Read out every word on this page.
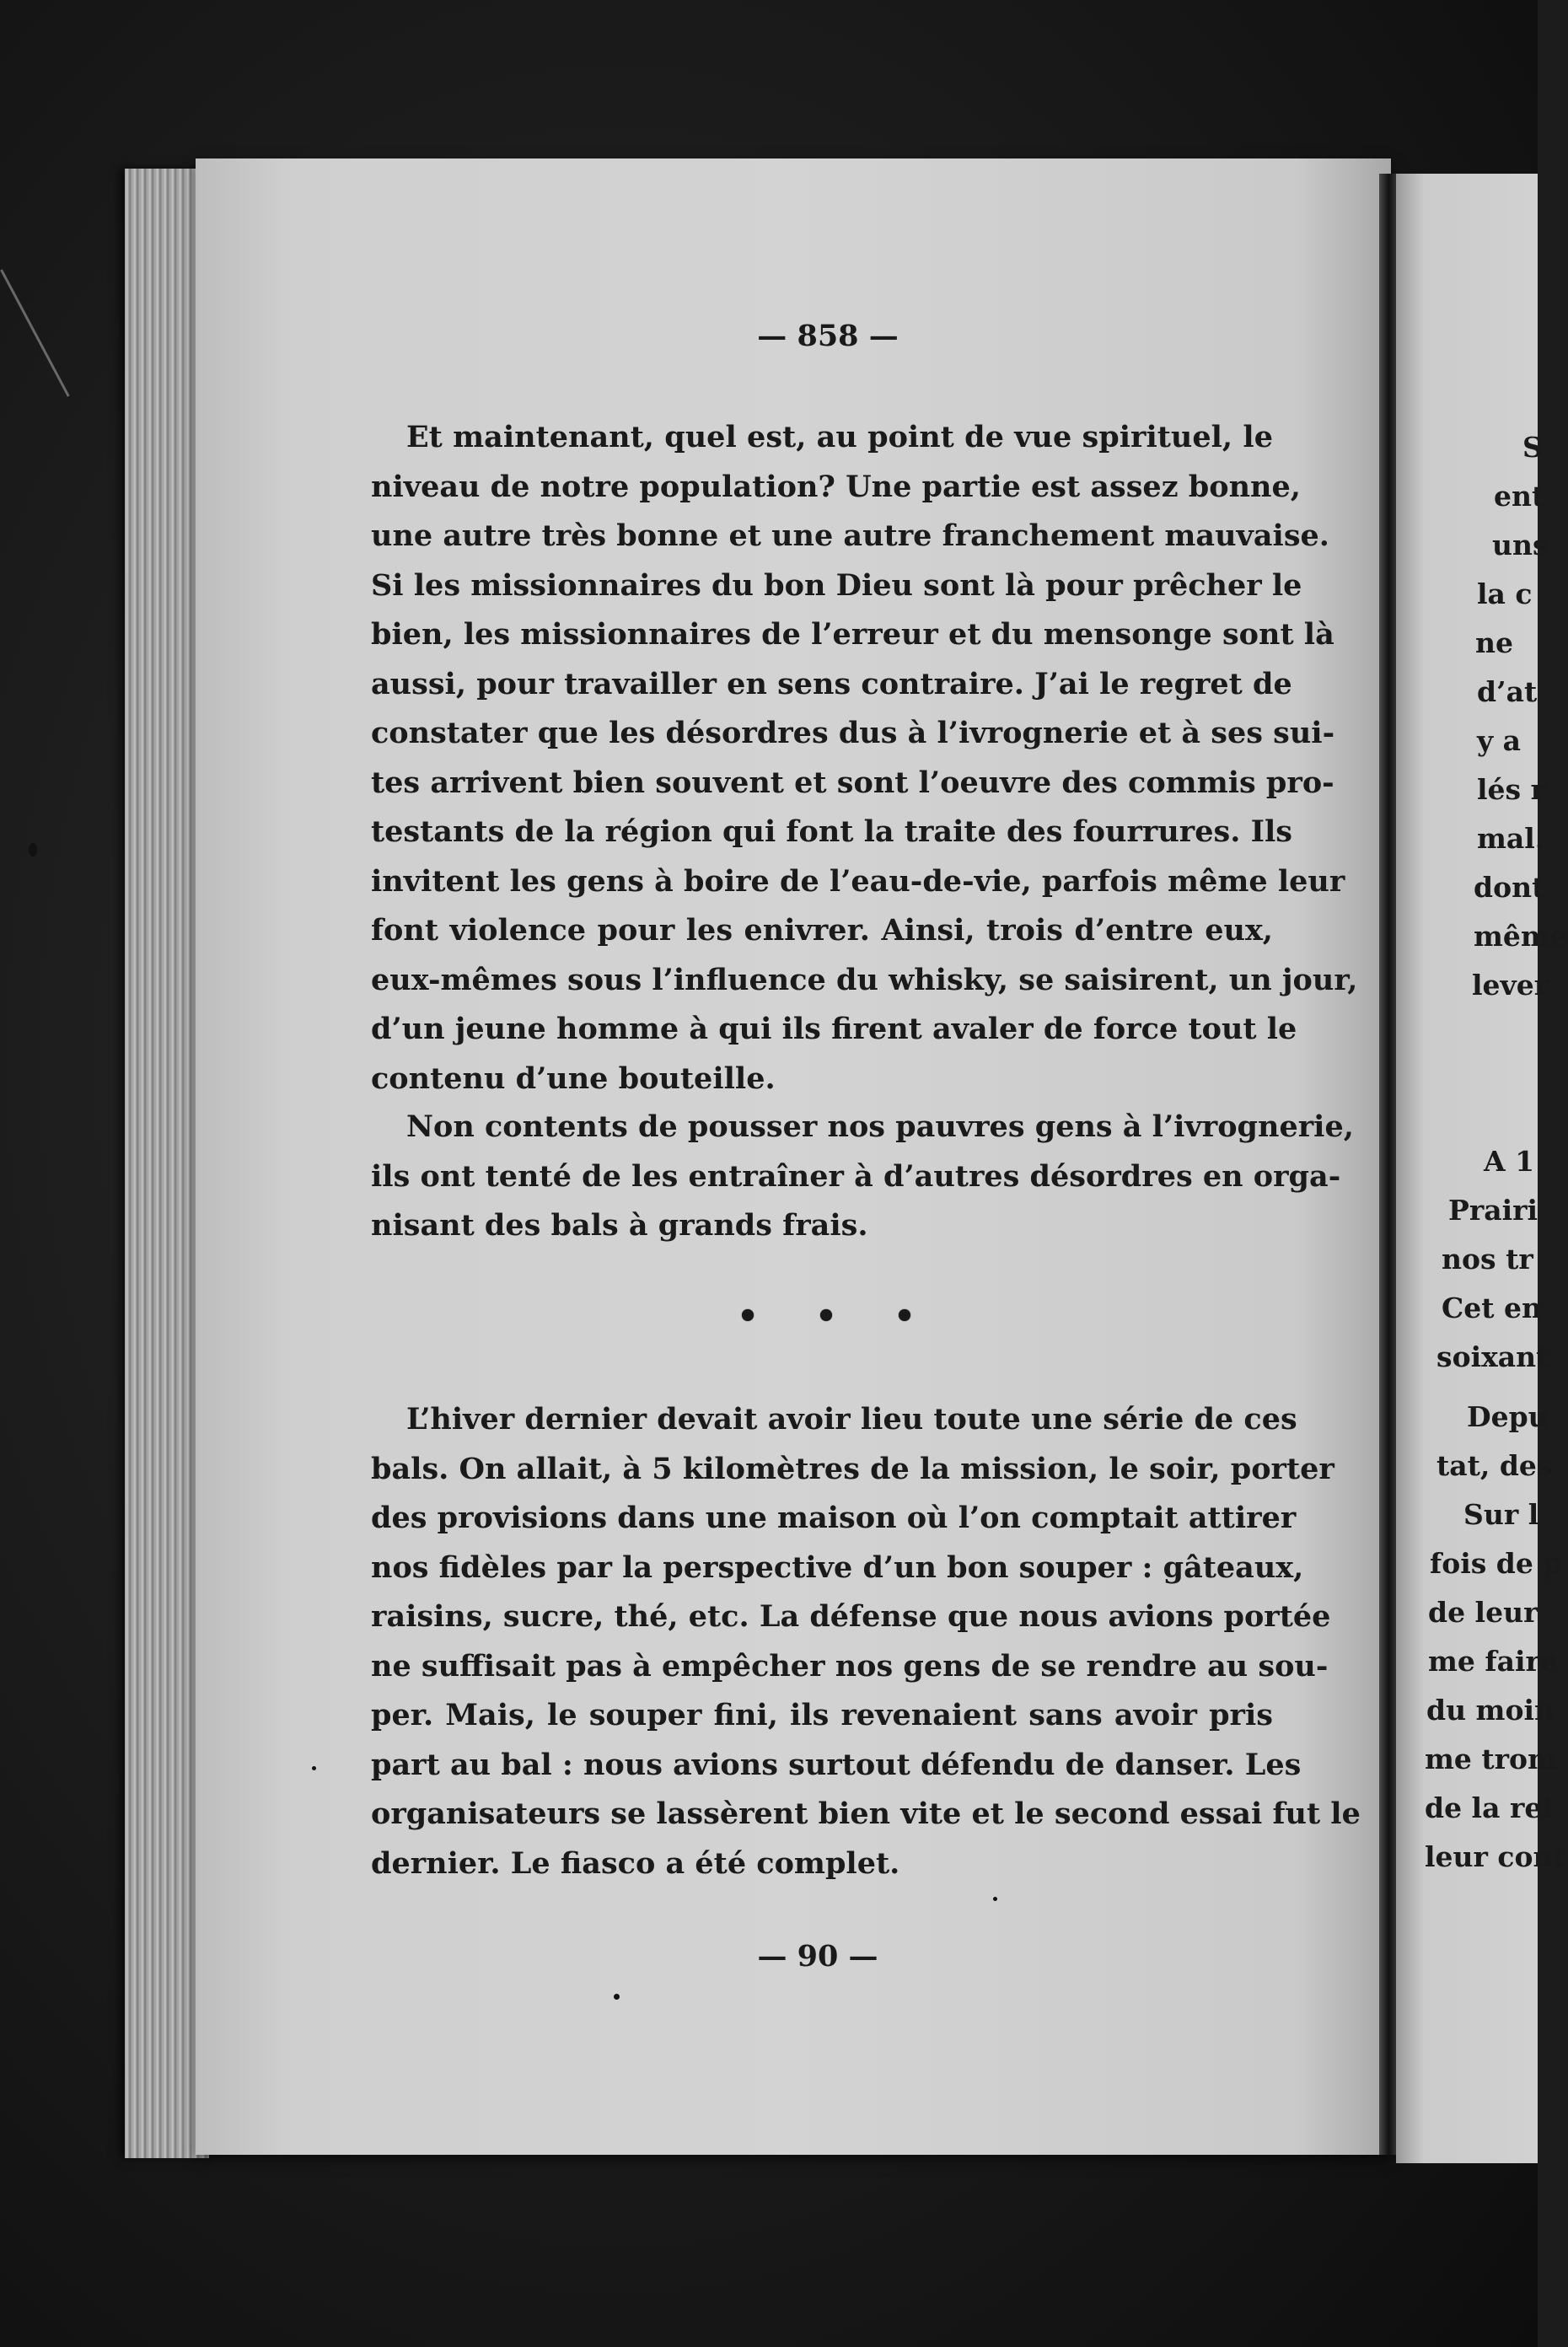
— 858 —
Et maintenant, quel est, au point de vue spirituel, le
niveau de notre population? Une partie est assez bonne,
une autre très bonne et une autre franchement mauvaise.
Si les missionnaires du bon Dieu sont là pour prêcher le
bien, les missionnaires de l’erreur et du mensonge sont là
aussi, pour travailler en sens contraire. J’ai le regret de
constater que les désordres dus à l’ivrognerie et à ses sui-
tes arrivent bien souvent et sont l’oeuvre des commis pro-
testants de la région qui font la traite des fourrures. Ils
invitent les gens à boire de l’eau-de-vie, parfois même leur
font violence pour les enivrer. Ainsi, trois d’entre eux,
eux-mêmes sous l’influence du whisky, se saisirent, un jour,
d’un jeune homme à qui ils firent avaler de force tout le
contenu d’une bouteille.
Non contents de pousser nos pauvres gens à l’ivrognerie,
ils ont tenté de les entraîner à d’autres désordres en orga-
nisant des bals à grands frais.
L’hiver dernier devait avoir lieu toute une série de ces
bals. On allait, à 5 kilomètres de la mission, le soir, porter
des provisions dans une maison où l’on comptait attirer
nos fidèles par la perspective d’un bon souper : gâteaux,
raisins, sucre, thé, etc. La défense que nous avions portée
ne suffisait pas à empêcher nos gens de se rendre au sou-
per. Mais, le souper fini, ils revenaient sans avoir pris
part au bal : nous avions surtout défendu de danser. Les
organisateurs se lassèrent bien vite et le second essai fut le
dernier. Le fiasco a été complet.
— 90 —
S
ent
uns
la c
ne
d’at
y a
lés r
mal.
dont
même
lever
A 1
Prairi
nos tr
Cet en
soixant
Depu
tat, des
Sur l
fois de p
de leur
me faire
du moin
me trom
de la rel
leur cont
